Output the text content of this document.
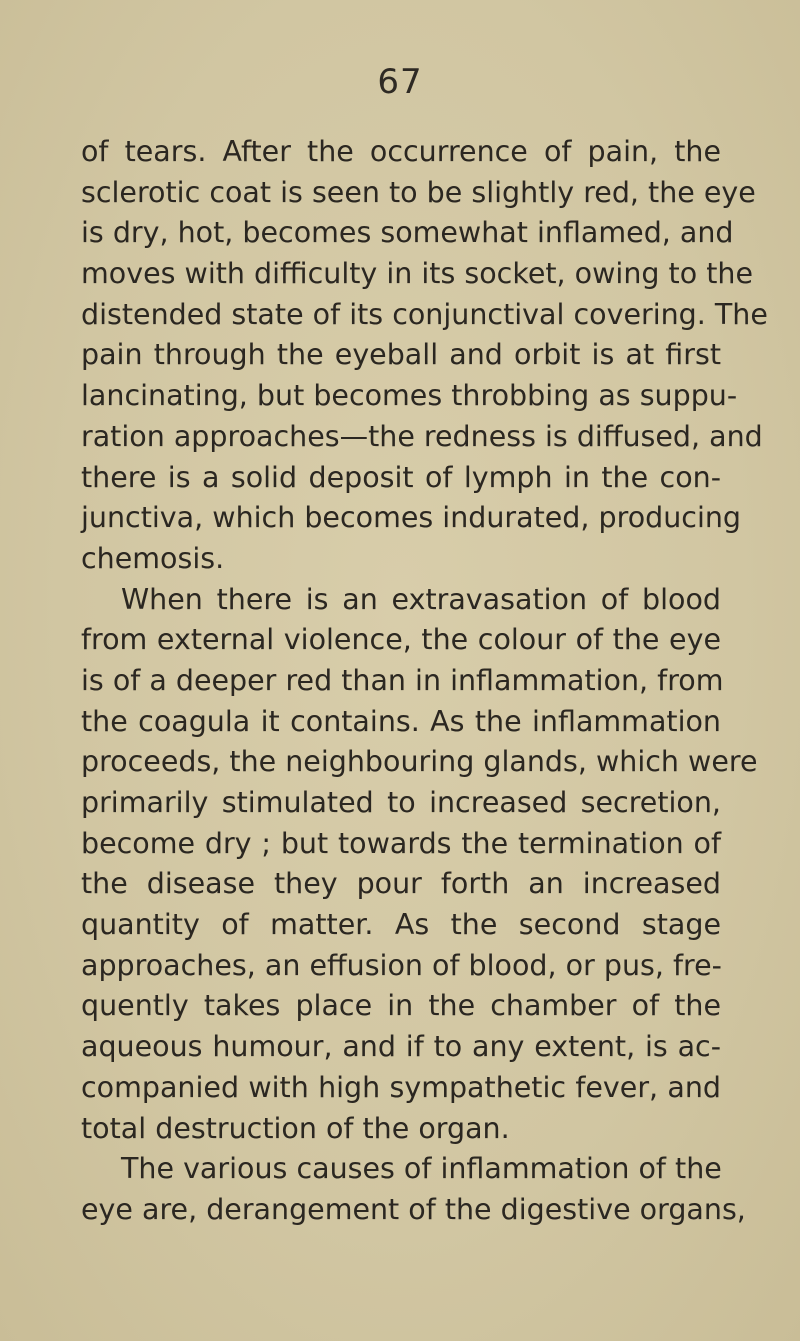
67
of tears. After the occurrence of pain, the
sclerotic coat is seen to be slightly red, the eye
is dry, hot, becomes somewhat inflamed, and
moves with difficulty in its socket, owing to the
distended state of its conjunctival covering. The
pain through the eyeball and orbit is at first
lancinating, but becomes throbbing as suppu-
ration approaches—the redness is diffused, and
there is a solid deposit of lymph in the con-
junctiva, which becomes indurated, producing
chemosis.
When there is an extravasation of blood
from external violence, the colour of the eye
is of a deeper red than in inflammation, from
the coagula it contains. As the inflammation
proceeds, the neighbouring glands, which were
primarily stimulated to increased secretion,
become dry ; but towards the termination of
the disease they pour forth an increased
quantity of matter. As the second stage
approaches, an effusion of blood, or pus, fre-
quently takes place in the chamber of the
aqueous humour, and if to any extent, is ac-
companied with high sympathetic fever, and
total destruction of the organ.
The various causes of inflammation of the
eye are, derangement of the digestive organs,
